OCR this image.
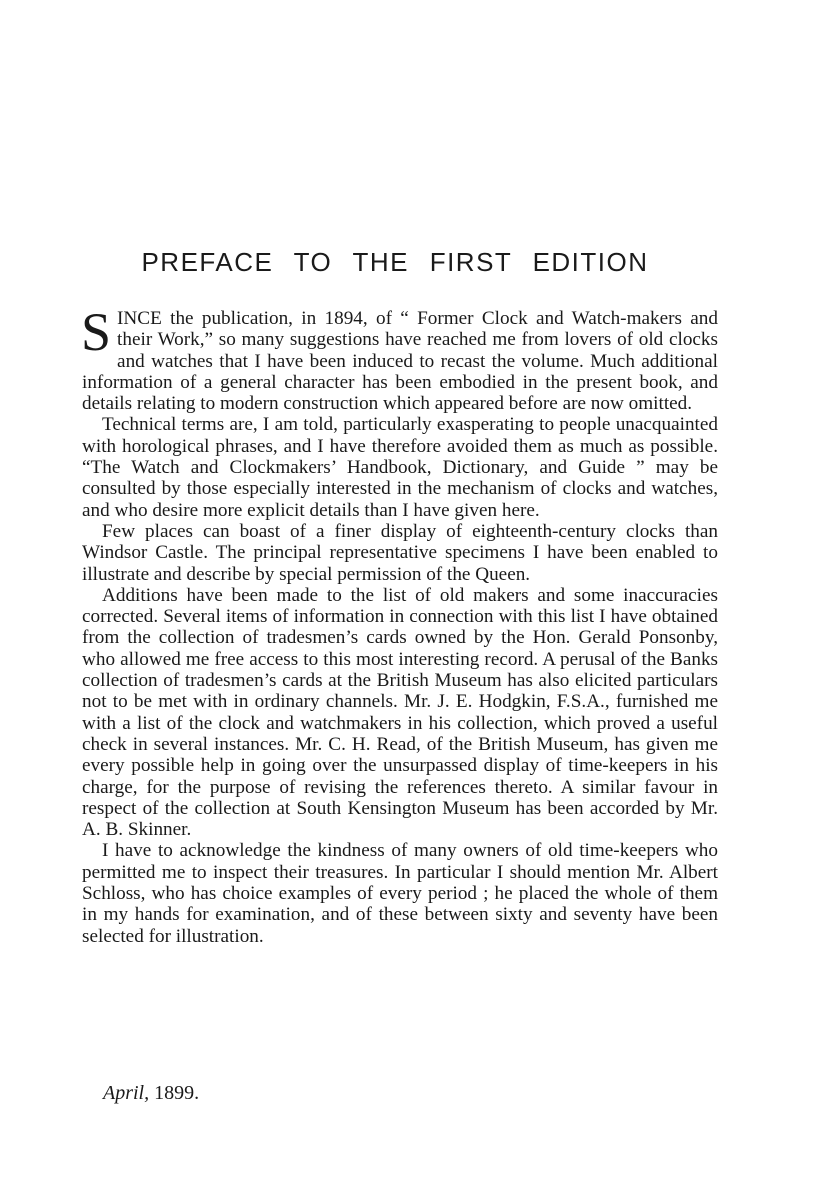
PREFACE TO THE FIRST EDITION

SINCE the publication, in 1894, of “ Former Clock and Watch-makers and their Work,” so many suggestions have reached me from lovers of old clocks and watches that I have been induced to recast the volume. Much additional information of a general character has been embodied in the present book, and details relating to modern construction which appeared before are now omitted.

Technical terms are, I am told, particularly exasperating to people unacquainted with horological phrases, and I have therefore avoided them as much as possible. “The Watch and Clockmakers’ Handbook, Dictionary, and Guide ” may be consulted by those especially interested in the mechanism of clocks and watches, and who desire more explicit details than I have given here.

Few places can boast of a finer display of eighteenth-century clocks than Windsor Castle. The principal representative specimens I have been enabled to illustrate and describe by special permission of the Queen.

Additions have been made to the list of old makers and some inaccuracies corrected. Several items of information in connection with this list I have obtained from the collection of tradesmen’s cards owned by the Hon. Gerald Ponsonby, who allowed me free access to this most interesting record. A perusal of the Banks collection of tradesmen’s cards at the British Museum has also elicited particulars not to be met with in ordinary channels. Mr. J. E. Hodgkin, F.S.A., furnished me with a list of the clock and watchmakers in his collection, which proved a useful check in several instances. Mr. C. H. Read, of the British Museum, has given me every possible help in going over the unsurpassed display of time-keepers in his charge, for the purpose of revising the references thereto. A similar favour in respect of the collection at South Kensington Museum has been accorded by Mr. A. B. Skinner.

I have to acknowledge the kindness of many owners of old time-keepers who permitted me to inspect their treasures. In particular I should mention Mr. Albert Schloss, who has choice examples of every period ; he placed the whole of them in my hands for examination, and of these between sixty and seventy have been selected for illustration.

April, 1899.
